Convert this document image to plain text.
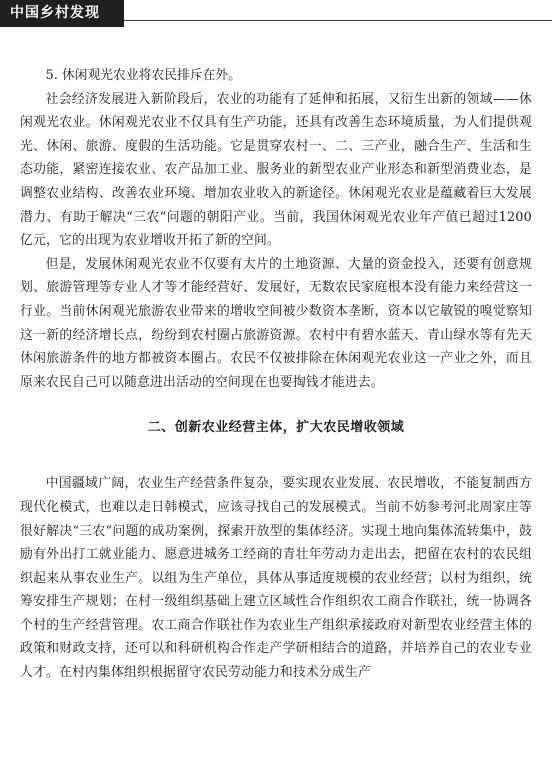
中国乡村发现

5. 休闲观光农业将农民排斥在外。

社会经济发展进入新阶段后，农业的功能有了延伸和拓展，又衍生出新的领域——休闲观光农业。休闲观光农业不仅具有生产功能，还具有改善生态环境质量，为人们提供观光、休闲、旅游、度假的生活功能。它是贯穿农村一、二、三产业，融合生产、生活和生态功能，紧密连接农业、农产品加工业、服务业的新型农业产业形态和新型消费业态，是调整农业结构、改善农业环境、增加农业收入的新途径。休闲观光农业是蕴藏着巨大发展潜力、有助于解决“三农”问题的朝阳产业。当前，我国休闲观光农业年产值已超过1200亿元，它的出现为农业增收开拓了新的空间。

但是，发展休闲观光农业不仅要有大片的土地资源、大量的资金投入，还要有创意规划、旅游管理等专业人才等才能经营好、发展好，无数农民家庭根本没有能力来经营这一行业。当前休闲观光旅游农业带来的增收空间被少数资本垄断，资本以它敏锐的嗅觉察知这一新的经济增长点，纷纷到农村圈占旅游资源。农村中有碧水蓝天、青山绿水等有先天休闲旅游条件的地方都被资本圈占。农民不仅被排除在休闲观光农业这一产业之外，而且原来农民自己可以随意进出活动的空间现在也要掏钱才能进去。

二、创新农业经营主体，扩大农民增收领域

中国疆域广阔，农业生产经营条件复杂，要实现农业发展、农民增收，不能复制西方现代化模式，也难以走日韩模式，应该寻找自己的发展模式。当前不妨参考河北周家庄等很好解决“三农”问题的成功案例，探索开放型的集体经济。实现土地向集体流转集中，鼓励有外出打工就业能力、愿意进城务工经商的青壮年劳动力走出去，把留在农村的农民组织起来从事农业生产。以组为生产单位，具体从事适度规模的农业经营；以村为组织，统筹安排生产规划；在村一级组织基础上建立区域性合作组织农工商合作联社，统一协调各个村的生产经营管理。农工商合作联社作为农业生产组织承接政府对新型农业经营主体的政策和财政支持，还可以和科研机构合作走产学研相结合的道路，并培养自己的农业专业人才。在村内集体组织根据留守农民劳动能力和技术分成生产
